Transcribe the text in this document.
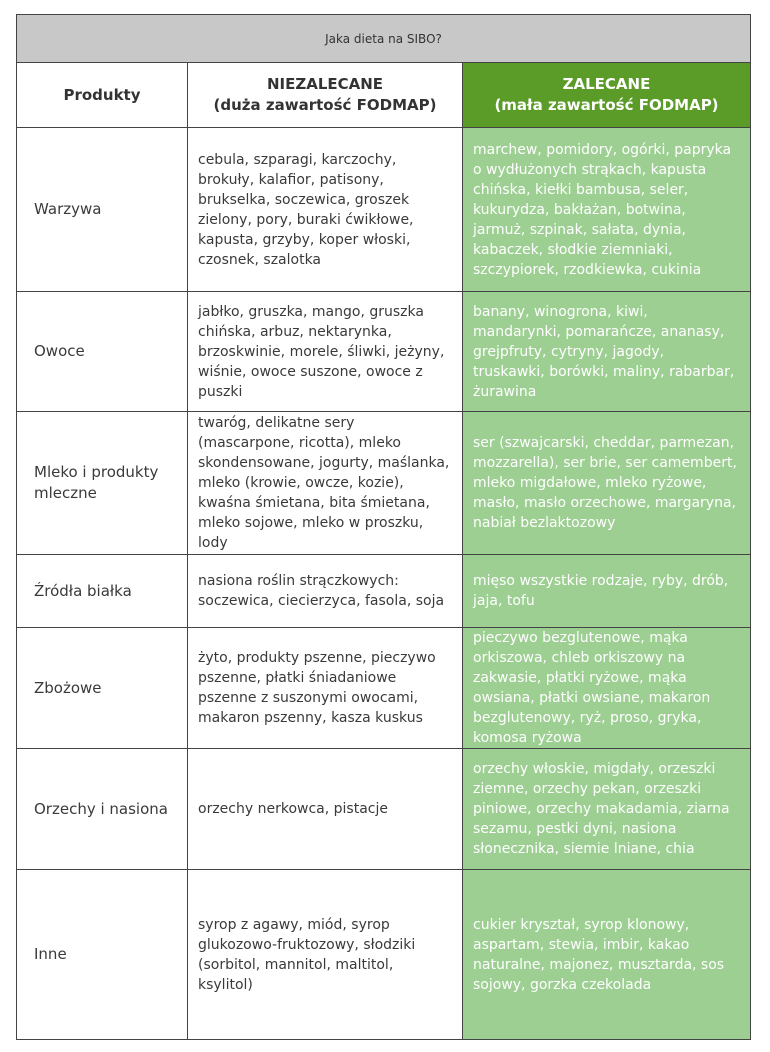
Jaka dieta na SIBO?
Produkty
NIEZALECANE
(duża zawartość FODMAP)
ZALECANE
(mała zawartość FODMAP)
Warzywa
cebula, szparagi, karczochy, brokuły, kalafior, patisony, brukselka, soczewica, groszek zielony, pory, buraki ćwikłowe, kapusta, grzyby, koper włoski, czosnek, szalotka
marchew, pomidory, ogórki, papryka o wydłużonych strąkach, kapusta chińska, kiełki bambusa, seler, kukurydza, bakłażan, botwina, jarmuż, szpinak, sałata, dynia, kabaczek, słodkie ziemniaki, szczypiorek, rzodkiewka, cukinia
Owoce
jabłko, gruszka, mango, gruszka chińska, arbuz, nektarynka, brzoskwinie, morele, śliwki, jeżyny, wiśnie, owoce suszone, owoce z puszki
banany, winogrona, kiwi, mandarynki, pomarańcze, ananasy, grejpfruty, cytryny, jagody, truskawki, borówki, maliny, rabarbar, żurawina
Mleko i produkty mleczne
twaróg, delikatne sery (mascarpone, ricotta), mleko skondensowane, jogurty, maślanka, mleko (krowie, owcze, kozie), kwaśna śmietana, bita śmietana, mleko sojowe, mleko w proszku, lody
ser (szwajcarski, cheddar, parmezan, mozzarella), ser brie, ser camembert, mleko migdałowe, mleko ryżowe, masło, masło orzechowe, margaryna, nabiał bezlaktozowy
Źródła białka
nasiona roślin strączkowych: soczewica, ciecierzyca, fasola, soja
mięso wszystkie rodzaje, ryby, drób, jaja, tofu
Zbożowe
żyto, produkty pszenne, pieczywo pszenne, płatki śniadaniowe pszenne z suszonymi owocami, makaron pszenny, kasza kuskus
pieczywo bezglutenowe, mąka orkiszowa, chleb orkiszowy na zakwasie, płatki ryżowe, mąka owsiana, płatki owsiane, makaron bezglutenowy, ryż, proso, gryka, komosa ryżowa
Orzechy i nasiona	orzechy nerkowca, pistacje
orzechy włoskie, migdały, orzeszki ziemne, orzechy pekan, orzeszki piniowe, orzechy makadamia, ziarna sezamu, pestki dyni, nasiona słonecznika, siemie lniane, chia
Inne
syrop z agawy, miód, syrop glukozowo-fruktozowy, słodziki (sorbitol, mannitol, maltitol, ksylitol)
cukier kryształ, syrop klonowy, aspartam, stewia, imbir, kakao naturalne, majonez, musztarda, sos sojowy, gorzka czekolada
